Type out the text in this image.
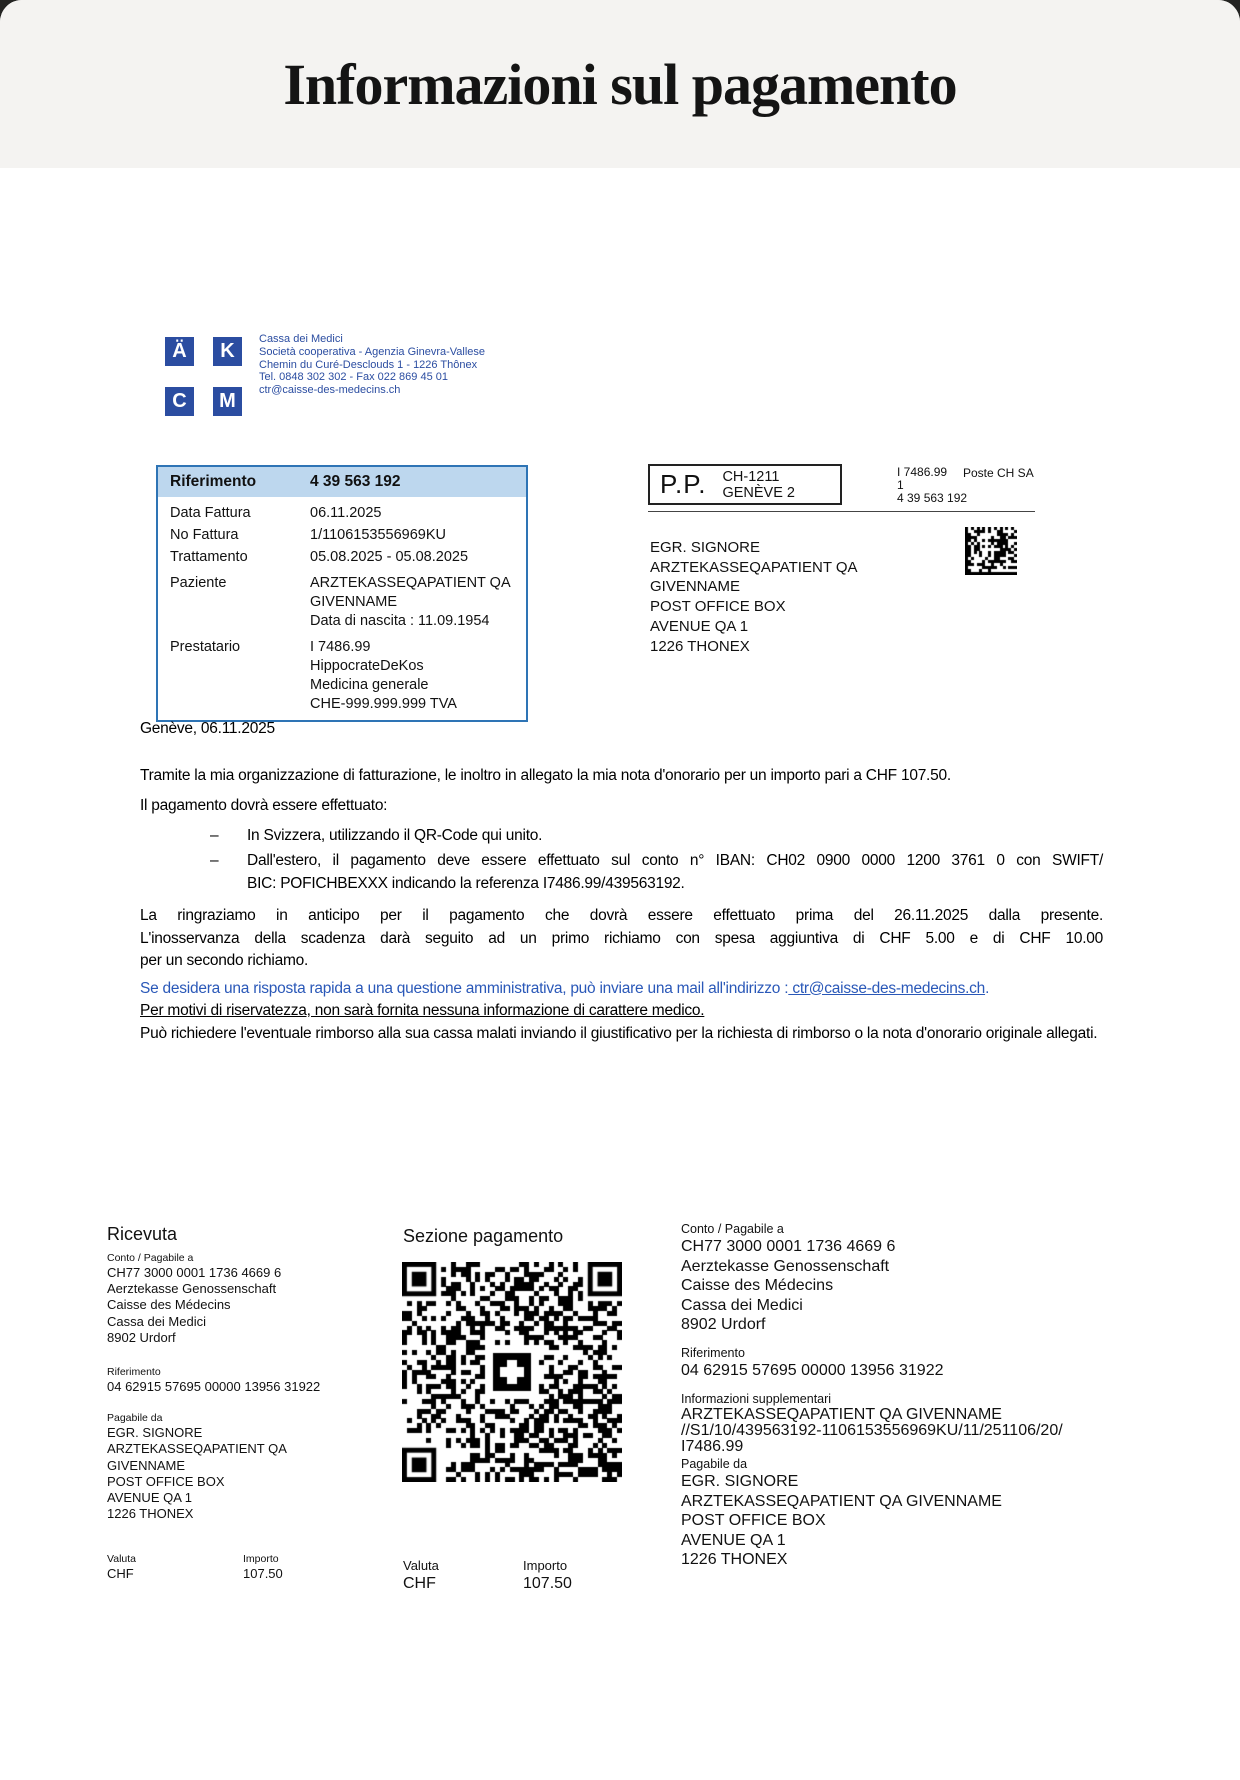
Informazioni sul pagamento
Ä	K
C	M
Cassa dei Medici
Società cooperativa - Agenzia Ginevra-Vallese
Chemin du Curé-Desclouds 1 - 1226 Thônex
Tel. 0848 302 302 - Fax 022 869 45 01
ctr@caisse-des-medecins.ch
Riferimento	4 39 563 192
Data Fattura	06.11.2025
No Fattura	1/1106153556969KU
Trattamento	05.08.2025 - 05.08.2025
Paziente	ARZTEKASSEQAPATIENT QA GIVENNAME
Data di nascita : 11.09.1954
Prestatario	I 7486.99
HippocrateDeKos
Medicina generale
CHE-999.999.999 TVA
P.P. CH-1211
GENÈVE 2
I 7486.99
1
4 39 563 192
Poste CH SA
EGR. SIGNORE
ARZTEKASSEQAPATIENT QA
GIVENNAME
POST OFFICE BOX
AVENUE QA 1
1226 THONEX

Genève, 06.11.2025

Tramite la mia organizzazione di fatturazione, le inoltro in allegato la mia nota d'onorario per un importo pari a CHF 107.50.

Il pagamento dovrà essere effettuato:

–	In Svizzera, utilizzando il QR-Code qui unito.
–	Dall'estero, il pagamento deve essere effettuato sul conto n° IBAN: CH02 0900 0000 1200 3761 0 con SWIFT/
BIC: POFICHBEXXX indicando la referenza I7486.99/439563192.
La ringraziamo in anticipo per il pagamento che dovrà essere effettuato prima del 26.11.2025 dalla presente.
L'inosservanza della scadenza darà seguito ad un primo richiamo con spesa aggiuntiva di CHF 5.00 e di CHF 10.00
per un secondo richiamo.

Se desidera una risposta rapida a una questione amministrativa, può inviare una mail all'indirizzo : ctr@caisse-des-medecins.ch.

Per motivi di riservatezza, non sarà fornita nessuna informazione di carattere medico.

Può richiedere l'eventuale rimborso alla sua cassa malati inviando il giustificativo per la richiesta di rimborso o la nota d'onorario originale allegati.

Ricevuta

Conto / Pagabile a
CH77 3000 0001 1736 4669 6
Aerztekasse Genossenschaft
Caisse des Médecins
Cassa dei Medici
8902 Urdorf
Riferimento
04 62915 57695 00000 13956 31922
Pagabile da
EGR. SIGNORE
ARZTEKASSEQAPATIENT QA
GIVENNAME
POST OFFICE BOX
AVENUE QA 1
1226 THONEX
Valuta
CHF
Importo
107.50

Sezione pagamento

Valuta
CHF
Importo
107.50
Conto / Pagabile a
CH77 3000 0001 1736 4669 6
Aerztekasse Genossenschaft
Caisse des Médecins
Cassa dei Medici
8902 Urdorf
Riferimento
04 62915 57695 00000 13956 31922
Informazioni supplementari
ARZTEKASSEQAPATIENT QA GIVENNAME
//S1/10/439563192-1106153556969KU/11/251106/20/
I7486.99
Pagabile da
EGR. SIGNORE
ARZTEKASSEQAPATIENT QA GIVENNAME
POST OFFICE BOX
AVENUE QA 1
1226 THONEX
